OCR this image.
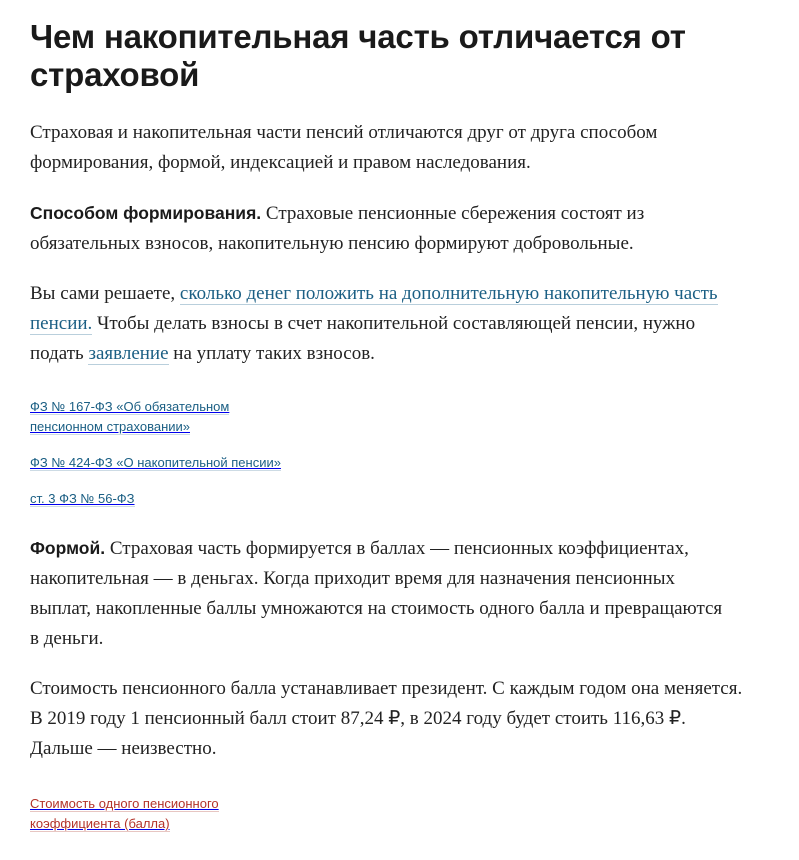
Чем накопительная часть отличается от страховой

Страховая и накопительная части пенсий отличаются друг от друга способом формирования, формой, индексацией и правом наследования.

Способом формирования. Страховые пенсионные сбережения состоят из обязательных взносов, накопительную пенсию формируют добровольные.

Вы сами решаете, сколько денег положить на дополнительную накопительную часть пенсии. Чтобы делать взносы в счет накопительной составляющей пенсии, нужно подать заявление на уплату таких взносов.

ФЗ № 167-ФЗ «Об обязательном пенсионном страховании»
ФЗ № 424-ФЗ «О накопительной пенсии»
ст. 3 ФЗ № 56-ФЗ

Формой. Страховая часть формируется в баллах — пенсионных коэффициентах, накопительная — в деньгах. Когда приходит время для назначения пенсионных выплат, накопленные баллы умножаются на стоимость одного балла и превращаются в деньги.

Стоимость пенсионного балла устанавливает президент. С каждым годом она меняется. В 2019 году 1 пенсионный балл стоит 87,24 ₽, в 2024 году будет стоить 116,63 ₽. Дальше — неизвестно.

Стоимость одного пенсионного коэффициента (балла)
